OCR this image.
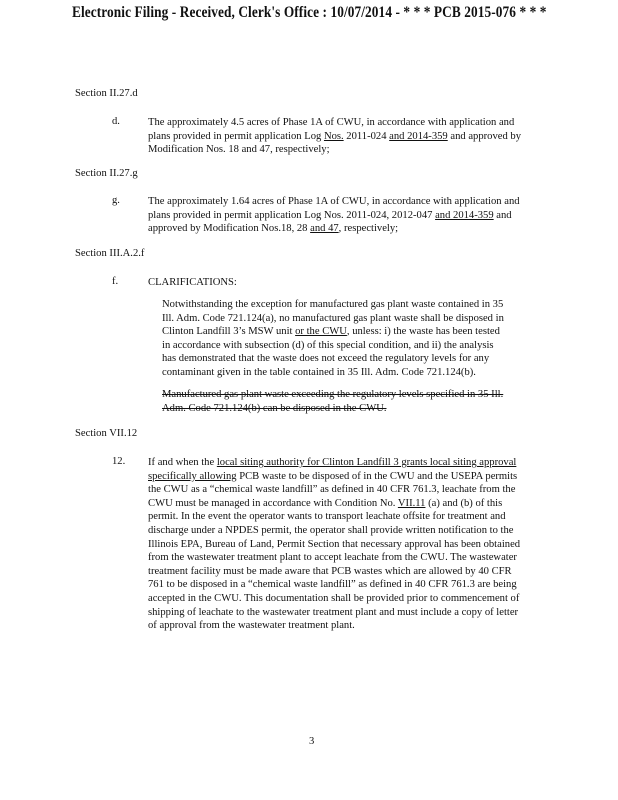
Electronic Filing - Received, Clerk's Office : 10/07/2014 - * * * PCB 2015-076 * * *
Section II.27.d
d.	The approximately 4.5 acres of Phase 1A of CWU, in accordance with application and
plans provided in permit application Log Nos. 2011-024 and 2014-359 and approved by
Modification Nos. 18 and 47, respectively;
Section II.27.g
g.	The approximately 1.64 acres of Phase 1A of CWU, in accordance with application and
plans provided in permit application Log Nos. 2011-024, 2012-047 and 2014-359 and
approved by Modification Nos.18, 28 and 47, respectively;
Section III.A.2.f
f.	CLARIFICATIONS:
Notwithstanding the exception for manufactured gas plant waste contained in 35
Ill. Adm. Code 721.124(a), no manufactured gas plant waste shall be disposed in
Clinton Landfill 3’s MSW unit or the CWU, unless: i) the waste has been tested
in accordance with subsection (d) of this special condition, and ii) the analysis
has demonstrated that the waste does not exceed the regulatory levels for any
contaminant given in the table contained in 35 Ill. Adm. Code 721.124(b).
Manufactured gas plant waste exceeding the regulatory levels specified in 35 Ill.
Adm. Code 721.124(b) can be disposed in the CWU.
Section VII.12
12. If and when the local siting authority for Clinton Landfill 3 grants local siting approval
specifically allowing PCB waste to be disposed of in the CWU and the USEPA permits
the CWU as a “chemical waste landfill” as defined in 40 CFR 761.3, leachate from the
CWU must be managed in accordance with Condition No. VII.11 (a) and (b) of this
permit. In the event the operator wants to transport leachate offsite for treatment and
discharge under a NPDES permit, the operator shall provide written notification to the
Illinois EPA, Bureau of Land, Permit Section that necessary approval has been obtained
from the wastewater treatment plant to accept leachate from the CWU. The wastewater
treatment facility must be made aware that PCB wastes which are allowed by 40 CFR
761 to be disposed in a “chemical waste landfill” as defined in 40 CFR 761.3 are being
accepted in the CWU. This documentation shall be provided prior to commencement of
shipping of leachate to the wastewater treatment plant and must include a copy of letter
of approval from the wastewater treatment plant.
3
